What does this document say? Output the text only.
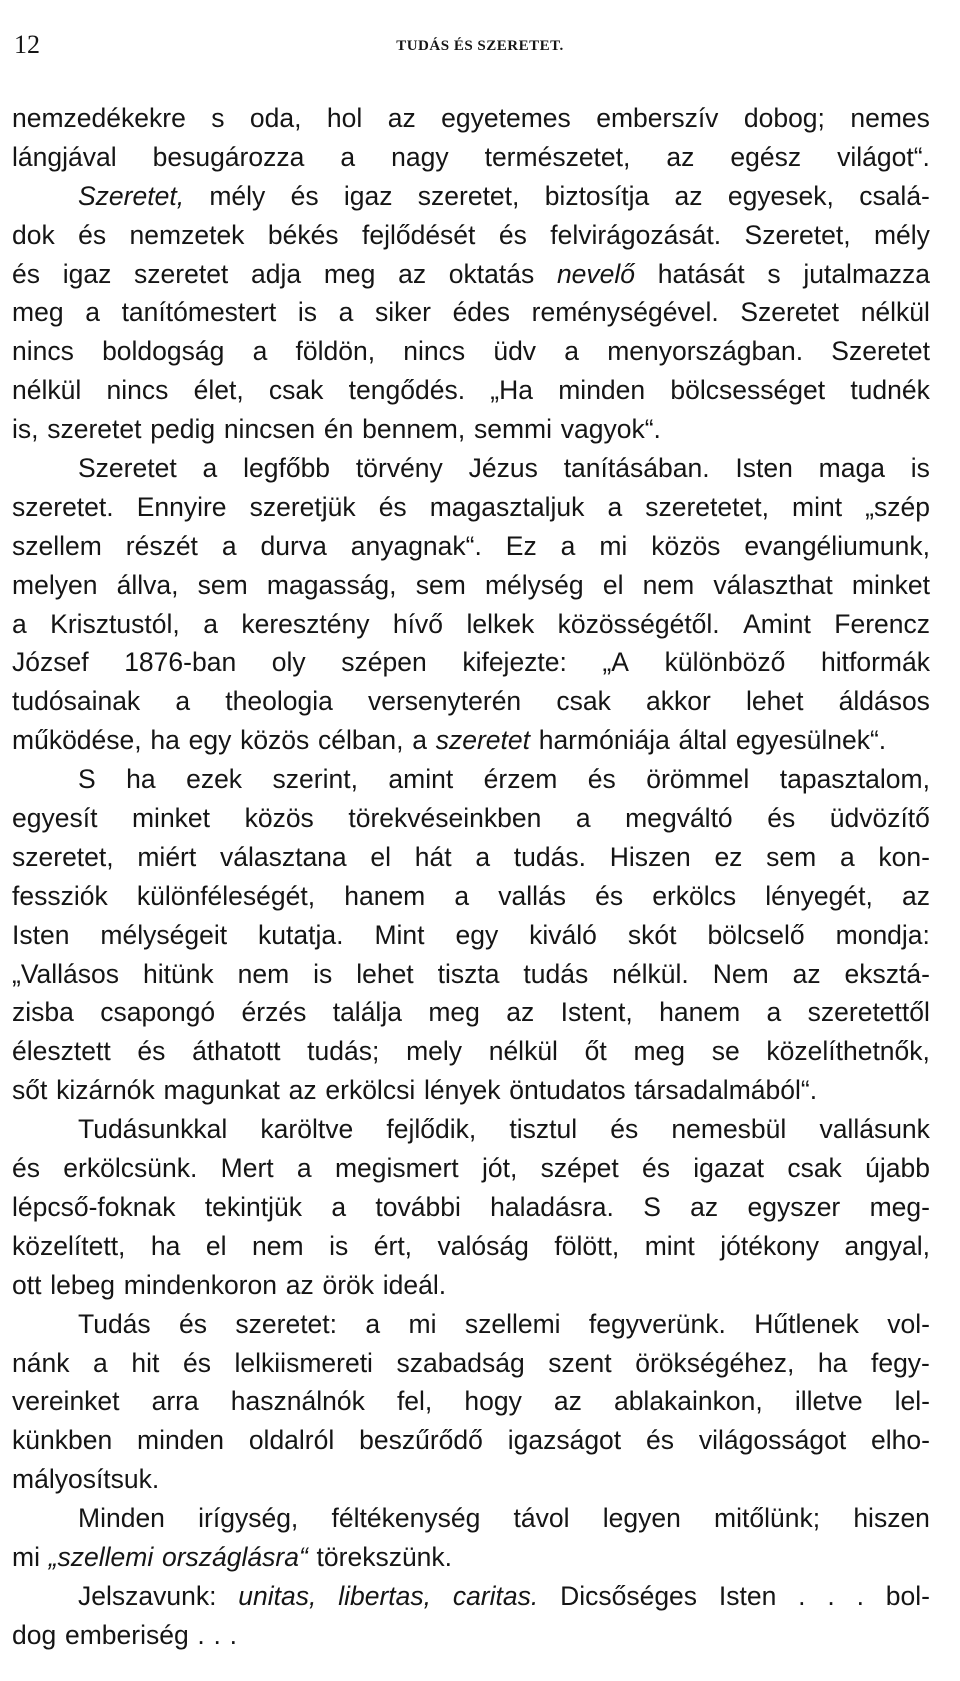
12	TUDÁS ÉS SZERETET.
nemzedékekre s oda, hol az egyetemes emberszív dobog; nemes
lángjával besugározza a nagy természetet, az egész világot“.
Szeretet, mély és igaz szeretet, biztosítja az egyesek, csalá-
dok és nemzetek békés fejlődését és felvirágozását. Szeretet, mély
és igaz szeretet adja meg az oktatás nevelő hatását s jutalmazza
meg a tanítómestert is a siker édes reménységével. Szeretet nélkül
nincs boldogság a földön, nincs üdv a menyországban. Szeretet
nélkül nincs élet, csak tengődés. „Ha minden bölcsességet tudnék
is, szeretet pedig nincsen én bennem, semmi vagyok“.
Szeretet a legfőbb törvény Jézus tanításában. Isten maga is
szeretet. Ennyire szeretjük és magasztaljuk a szeretetet, mint „szép
szellem részét a durva anyagnak“. Ez a mi közös evangéliumunk,
melyen állva, sem magasság, sem mélység el nem választhat minket
a Krisztustól, a keresztény hívő lelkek közösségétől. Amint Ferencz
József 1876-ban oly szépen kifejezte: „A különböző hitformák
tudósainak a theologia versenyterén csak akkor lehet áldásos
működése, ha egy közös célban, a szeretet harmóniája által egyesülnek“.
S ha ezek szerint, amint érzem és örömmel tapasztalom,
egyesít minket közös törekvéseinkben a megváltó és üdvözítő
szeretet, miért választana el hát a tudás. Hiszen ez sem a kon-
fessziók különféleségét, hanem a vallás és erkölcs lényegét, az
Isten mélységeit kutatja. Mint egy kiváló skót bölcselő mondja:
„Vallásos hitünk nem is lehet tiszta tudás nélkül. Nem az eksztá-
zisba csapongó érzés találja meg az Istent, hanem a szeretettől
élesztett és áthatott tudás; mely nélkül őt meg se közelíthetnők,
sőt kizárnók magunkat az erkölcsi lények öntudatos társadalmából“.
Tudásunkkal karöltve fejlődik, tisztul és nemesbül vallásunk
és erkölcsünk. Mert a megismert jót, szépet és igazat csak újabb
lépcső-foknak tekintjük a további haladásra. S az egyszer meg-
közelített, ha el nem is ért, valóság fölött, mint jótékony angyal,
ott lebeg mindenkoron az örök ideál.
Tudás és szeretet: a mi szellemi fegyverünk. Hűtlenek vol-
nánk a hit és lelkiismereti szabadság szent örökségéhez, ha fegy-
vereinket arra használnók fel, hogy az ablakainkon, illetve lel-
künkben minden oldalról beszűrődő igazságot és világosságot elho-
mályosítsuk.
Minden irígység, féltékenység távol legyen mitőlünk; hiszen
mi „szellemi országlásra“ törekszünk.
Jelszavunk: unitas, libertas, caritas. Dicsőséges Isten . . . bol-
dog emberiség . . .
